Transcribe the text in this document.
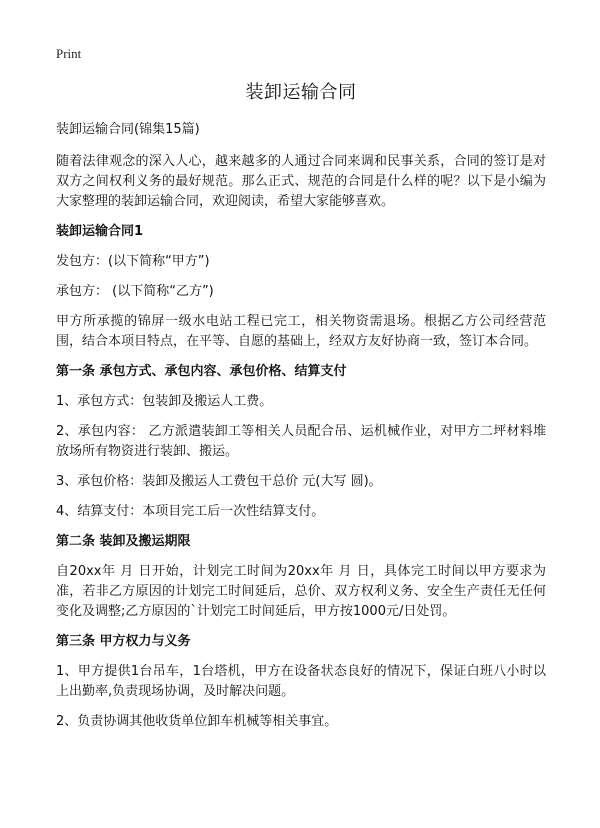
Print
装卸运输合同
装卸运输合同(锦集15篇)

随着法律观念的深入人心，越来越多的人通过合同来调和民事关系，合同的签订是对双方之间权利义务的最好规范。那么正式、规范的合同是什么样的呢？以下是小编为大家整理的装卸运输合同，欢迎阅读，希望大家能够喜欢。

装卸运输合同1

发包方：(以下简称“甲方”)

承包方： (以下简称“乙方”)

甲方所承揽的锦屏一级水电站工程已完工，相关物资需退场。根据乙方公司经营范围，结合本项目特点，在平等、自愿的基础上，经双方友好协商一致，签订本合同。

第一条 承包方式、承包内容、承包价格、结算支付

1、承包方式：包装卸及搬运人工费。

2、承包内容： 乙方派遣装卸工等相关人员配合吊、运机械作业，对甲方二坪材料堆放场所有物资进行装卸、搬运。

3、承包价格：装卸及搬运人工费包干总价 元(大写 圆)。

4、结算支付：本项目完工后一次性结算支付。

第二条 装卸及搬运期限

自20xx年 月 日开始，计划完工时间为20xx年 月 日，具体完工时间以甲方要求为准，若非乙方原因的计划完工时间延后，总价、双方权利义务、安全生产责任无任何变化及调整;乙方原因的`计划完工时间延后，甲方按1000元/日处罚。

第三条 甲方权力与义务

1、甲方提供1台吊车，1台塔机，甲方在设备状态良好的情况下，保证白班八小时以上出勤率,负责现场协调，及时解决问题。

2、负责协调其他收货单位卸车机械等相关事宜。
